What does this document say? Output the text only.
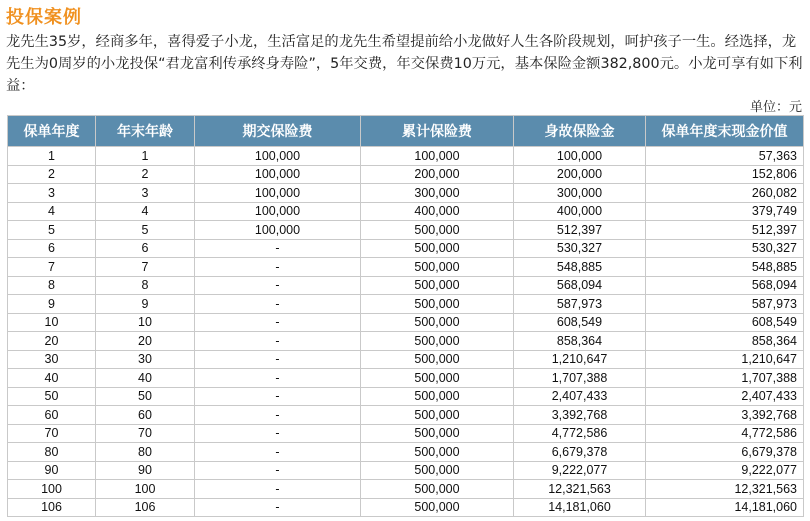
投保案例
龙先生35岁，经商多年，喜得爱子小龙，生活富足的龙先生希望提前给小龙做好人生各阶段规划，呵护孩子一生。经选择，龙先生为0周岁的小龙投保“君龙富利传承终身寿险”，5年交费，年交保费10万元，基本保险金额382,800元。小龙可享有如下利益：
单位：元
保单年度	年末年龄	期交保险费	累计保险费	身故保险金	保单年度末现金价值
1	1	100,000	100,000	100,000	57,363
2	2	100,000	200,000	200,000	152,806
3	3	100,000	300,000	300,000	260,082
4	4	100,000	400,000	400,000	379,749
5	5	100,000	500,000	512,397	512,397
6	6	-	500,000	530,327	530,327
7	7	-	500,000	548,885	548,885
8	8	-	500,000	568,094	568,094
9	9	-	500,000	587,973	587,973
10	10	-	500,000	608,549	608,549
20	20	-	500,000	858,364	858,364
30	30	-	500,000	1,210,647	1,210,647
40	40	-	500,000	1,707,388	1,707,388
50	50	-	500,000	2,407,433	2,407,433
60	60	-	500,000	3,392,768	3,392,768
70	70	-	500,000	4,772,586	4,772,586
80	80	-	500,000	6,679,378	6,679,378
90	90	-	500,000	9,222,077	9,222,077
100	100	-	500,000	12,321,563	12,321,563
106	106	-	500,000	14,181,060	14,181,060
